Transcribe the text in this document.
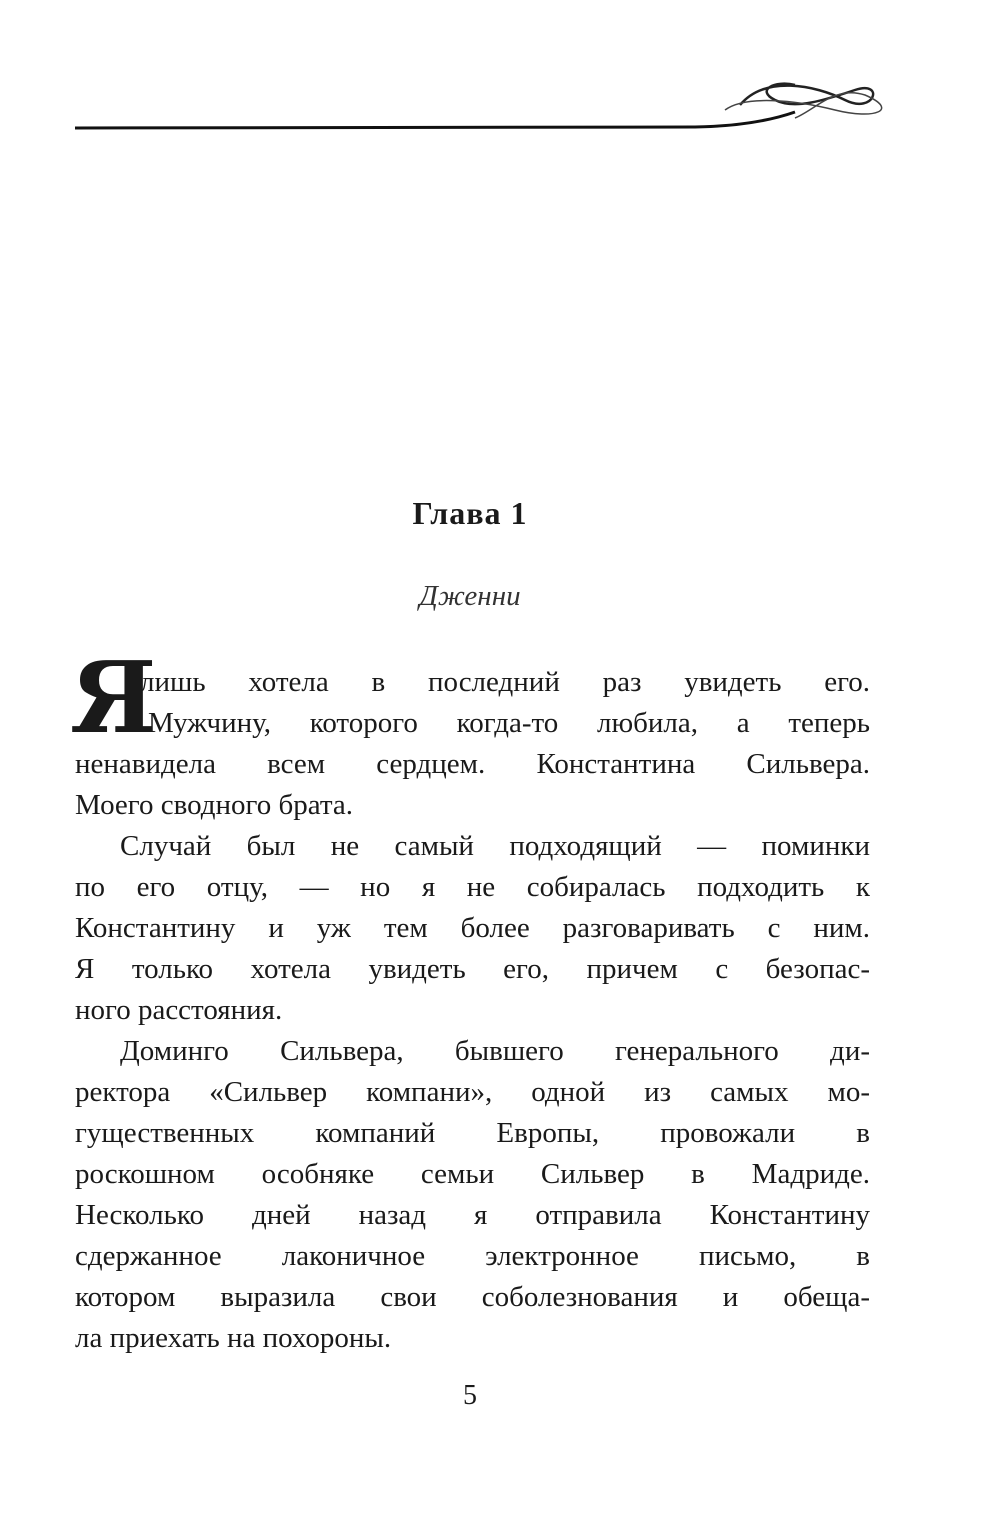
Глава 1
Дженни
Я
лишь хотела в последний раз увидеть его.
Мужчину, которого когда-то любила, а теперь
ненавидела всем сердцем. Константина Сильвера.
Моего сводного брата.
Случай был не самый подходящий — поминки
по его отцу, — но я не собиралась подходить к
Константину и уж тем более разговаривать с ним.
Я только хотела увидеть его, причем с безопас-
ного расстояния.
Доминго Сильвера, бывшего генерального ди-
ректора «Сильвер компани», одной из самых мо-
гущественных компаний Европы, провожали в
роскошном особняке семьи Сильвер в Мадриде.
Несколько дней назад я отправила Константину
сдержанное лаконичное электронное письмо, в
котором выразила свои соболезнования и обеща-
ла приехать на похороны.
5
